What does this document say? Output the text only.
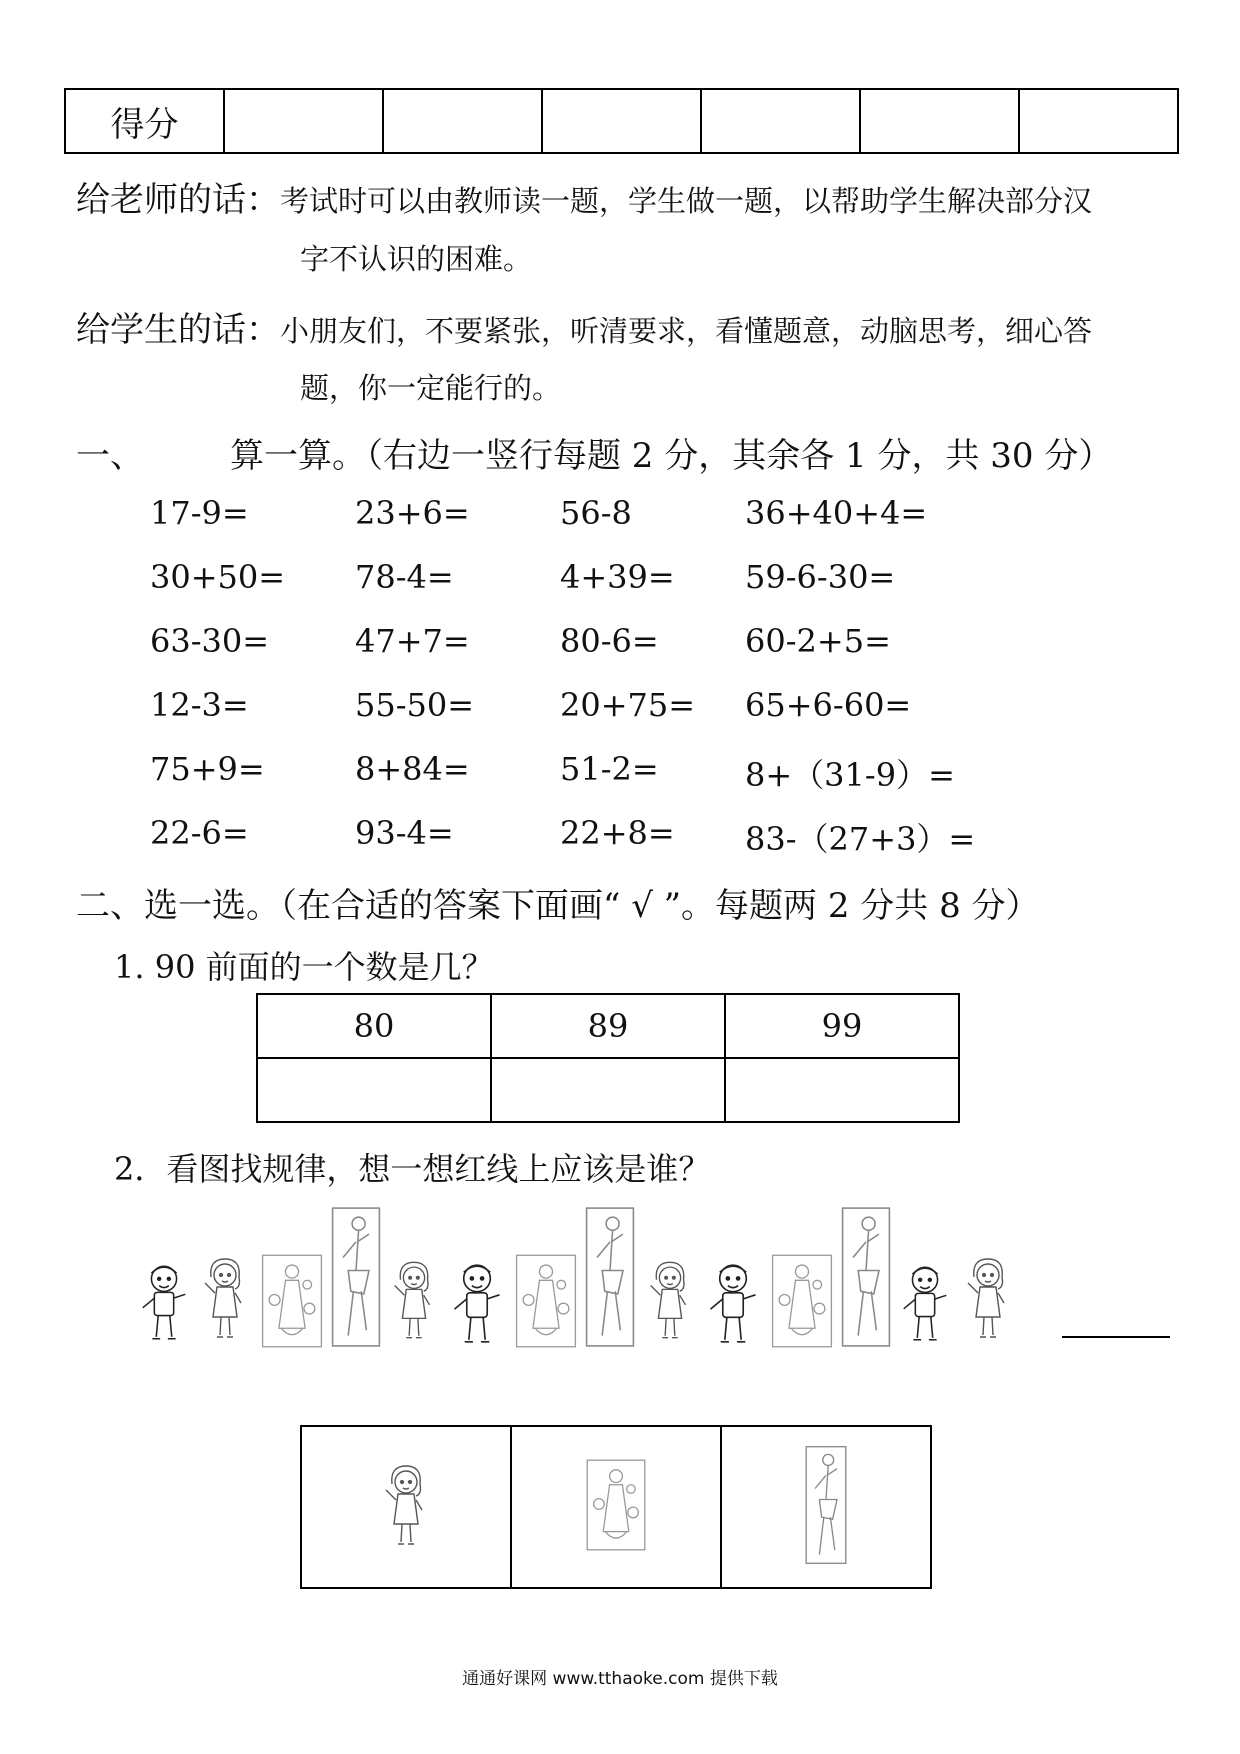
得分						
给老师的话：考试时可以由教师读一题，学生做一题，以帮助学生解决部分汉
字不认识的困难。
给学生的话：小朋友们，不要紧张，听清要求，看懂题意，动脑思考，细心答
题，你一定能行的。
一、	算一算。（右边一竖行每题 2 分，其余各 1 分，共 30 分）
17-9=	23+6=	56-8	36+40+4=
30+50= 78-4=	4+39= 59-6-30=
63-30=	47+7=	80-6=	60-2+5=
12-3=	55-50=	20+75= 65+6-60=
75+9=	8+84=	51-2=	8+（31-9）=
22-6=	93-4=	22+8= 83-（27+3）=
二、选一选。（在合适的答案下面画“ √ ”。每题两 2 分共 8 分）
1. 90 前面的一个数是几？
80	89	99

2．看图找规律，想一想红线上应该是谁？

通通好课网 www.tthaoke.com 提供下载
